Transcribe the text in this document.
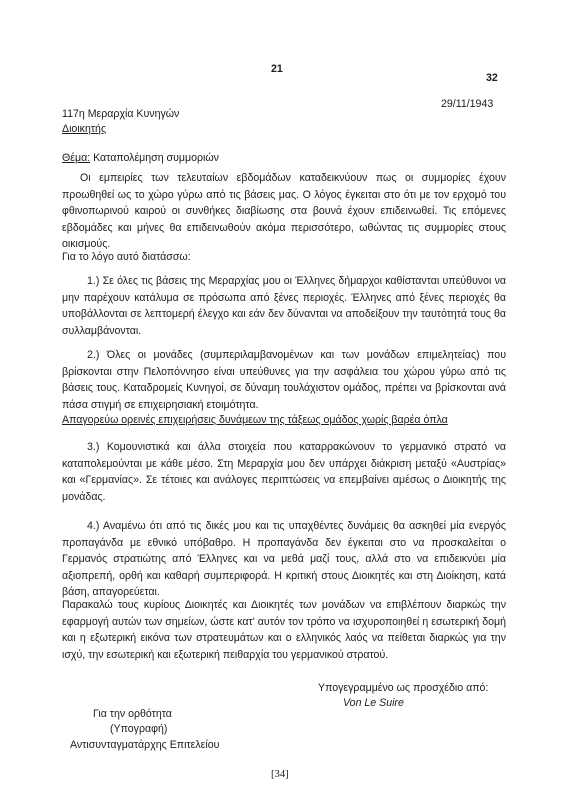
21
32
117η Μεραρχία Κυνηγών
Διοικητής
29/11/1943
Θέμα: Καταπολέμηση συμμοριών
Οι εμπειρίες των τελευταίων εβδομάδων καταδεικνύουν πως οι συμμορίες έχουν προωθηθεί ως το χώρο γύρω από τις βάσεις μας. Ο λόγος έγκειται στο ότι με τον ερχομό του φθινοπωρινού καιρού οι συνθήκες διαβίωσης στα βουνά έχουν επιδεινωθεί. Τις επόμενες εβδομάδες και μήνες θα επιδεινωθούν ακόμα περισσότερο, ωθώντας τις συμμορίες στους οικισμούς.
Για το λόγο αυτό διατάσσω:
1.) Σε όλες τις βάσεις της Μεραρχίας μου οι Έλληνες δήμαρχοι καθίστανται υπεύθυνοι να μην παρέχουν κατάλυμα σε πρόσωπα από ξένες περιοχές. Έλληνες από ξένες περιοχές θα υποβάλλονται σε λεπτομερή έλεγχο και εάν δεν δύνανται να αποδείξουν την ταυτότητά τους θα συλλαμβάνονται.
2.) Όλες οι μονάδες (συμπεριλαμβανομένων και των μονάδων επιμελητείας) που βρίσκονται στην Πελοπόννησο είναι υπεύθυνες για την ασφάλεια του χώρου γύρω από τις βάσεις τους. Καταδρομείς Κυνηγοί, σε δύναμη τουλάχιστον ομάδος, πρέπει να βρίσκονται ανά πάσα στιγμή σε επιχειρησιακή ετοιμότητα.
Απαγορεύω ορεινές επιχειρήσεις δυνάμεων της τάξεως ομάδος χωρίς βαρέα όπλα
3.) Κομουνιστικά και άλλα στοιχεία που καταρρακώνουν το γερμανικό στρατό να καταπολεμούνται με κάθε μέσο. Στη Μεραρχία μου δεν υπάρχει διάκριση μεταξύ «Αυστρίας» και «Γερμανίας». Σε τέτοιες και ανάλογες περιπτώσεις να επεμβαίνει αμέσως ο Διοικητής της μονάδας.
4.) Αναμένω ότι από τις δικές μου και τις υπαχθέντες δυνάμεις θα ασκηθεί μία ενεργός προπαγάνδα με εθνικό υπόβαθρο. Η προπαγάνδα δεν έγκειται στο να προσκαλείται ο Γερμανός στρατιώτης από Έλληνες και να μεθά μαζί τους, αλλά στο να επιδεικνύει μία αξιοπρεπή, ορθή και καθαρή συμπεριφορά. Η κριτική στους Διοικητές και στη Διοίκηση, κατά βάση, απαγορεύεται.
Παρακαλώ τους κυρίους Διοικητές και Διοικητές των μονάδων να επιβλέπουν διαρκώς την εφαρμογή αυτών των σημείων, ώστε κατ' αυτόν τον τρόπο να ισχυροποιηθεί η εσωτερική δομή και η εξωτερική εικόνα των στρατευμάτων και ο ελληνικός λαός να πείθεται διαρκώς για την ισχύ, την εσωτερική και εξωτερική πειθαρχία του γερμανικού στρατού.
Υπογεγραμμένο ως προσχέδιο από:
Von Le Suire
Για την ορθότητα
(Υπογραφή)
Αντισυνταγματάρχης Επιτελείου
[34]
